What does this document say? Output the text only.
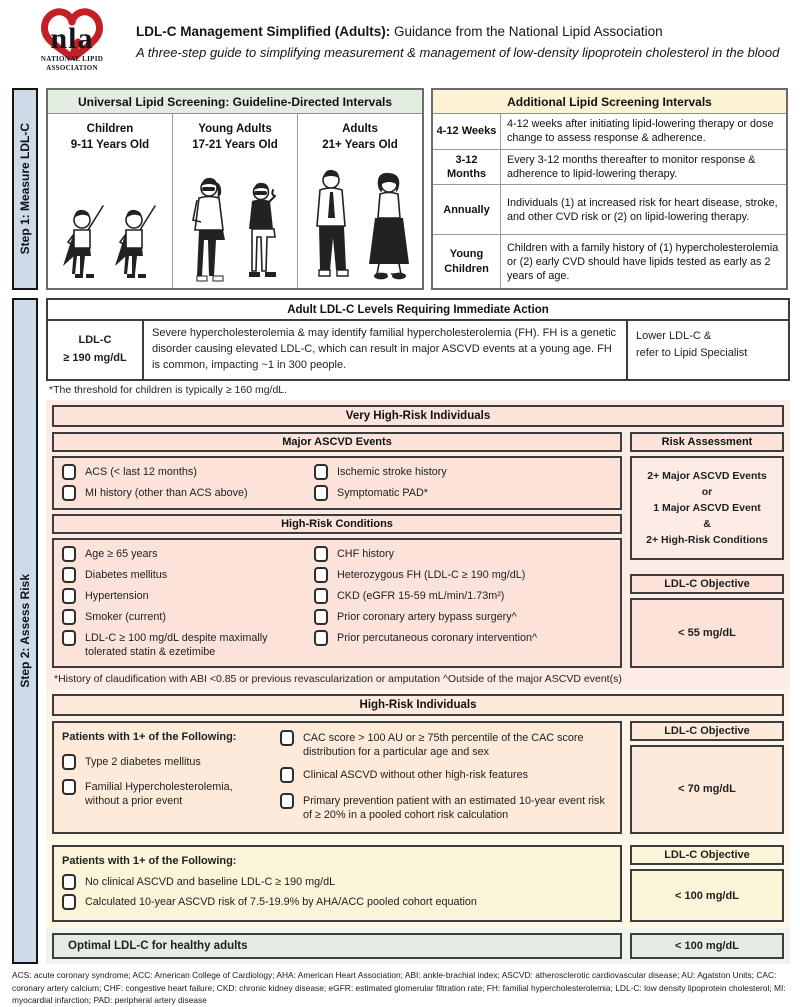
nla
NATIONAL LIPID
ASSOCIATION
LDL-C Management Simplified (Adults): Guidance from the National Lipid Association
A three-step guide to simplifying measurement & management of low-density lipoprotein cholesterol in the blood
Step 1: Measure LDL-C
Universal Lipid Screening: Guideline-Directed Intervals
Children
9-11 Years Old
Young Adults
17-21 Years Old
Adults
21+ Years Old
Additional Lipid Screening Intervals
4-12 Weeks
4-12 weeks after initiating lipid-lowering therapy or dose change to assess response & adherence.
3-12 Months
Every 3-12 months thereafter to monitor response & adherence to lipid-lowering therapy.
Annually
Individuals (1) at increased risk for heart disease, stroke, and other CVD risk or (2) on lipid-lowering therapy.
Young Children
Children with a family history of (1) hypercholesterolemia or (2) early CVD should have lipids tested as early as 2 years of age.
Step 2: Assess Risk
Adult LDL-C Levels Requiring Immediate Action
LDL-C
≥ 190 mg/dL
Severe hypercholesterolemia & may identify familial hypercholesterolemia (FH). FH is a genetic disorder causing elevated LDL-C, which can result in major ASCVD events at a young age. FH is common, impacting ~1 in 300 people.
Lower LDL-C &
refer to Lipid Specialist
*The threshold for children is typically ≥ 160 mg/dL.
Very High-Risk Individuals
Major ASCVD Events
ACS (< last 12 months)
MI history (other than ACS above)
Ischemic stroke history
Symptomatic PAD*
High-Risk Conditions
Age ≥ 65 years
Diabetes mellitus
Hypertension
Smoker (current)
LDL-C ≥ 100 mg/dL despite maximally tolerated statin & ezetimibe
CHF history
Heterozygous FH (LDL-C ≥ 190 mg/dL)
CKD (eGFR 15-59 mL/min/1.73m²)
Prior coronary artery bypass surgery^
Prior percutaneous coronary intervention^
Risk Assessment
2+ Major ASCVD Events
or
1 Major ASCVD Event
&
2+ High-Risk Conditions
LDL-C Objective
< 55 mg/dL
*History of claudification with ABI <0.85 or previous revascularization or amputation ^Outside of the major ASCVD event(s)
High-Risk Individuals
Patients with 1+ of the Following:
Type 2 diabetes mellitus
Familial Hypercholesterolemia, without a prior event
CAC score > 100 AU or ≥ 75th percentile of the CAC score distribution for a particular age and sex
Clinical ASCVD without other high-risk features
Primary prevention patient with an estimated 10-year event risk of ≥ 20% in a pooled cohort risk calculation
LDL-C Objective
< 70 mg/dL
Patients with 1+ of the Following:
No clinical ASCVD and baseline LDL-C ≥ 190 mg/dL
Calculated 10-year ASCVD risk of 7.5-19.9% by AHA/ACC pooled cohort equation
LDL-C Objective
< 100 mg/dL
Optimal LDL-C for healthy adults	< 100 mg/dL
ACS: acute coronary syndrome; ACC: American College of Cardiology; AHA: American Heart Association; ABI: ankle-brachial index; ASCVD: atherosclerotic cardiovascular disease; AU: Agatston Units; CAC: coronary artery calcium; CHF: congestive heart failure; CKD: chronic kidney disease; eGFR: estimated glomerular filtration rate; FH: familial hypercholesterolemia; LDL-C: low density lipoprotein cholesterol; MI: myocardial infarction; PAD: peripheral artery disease
